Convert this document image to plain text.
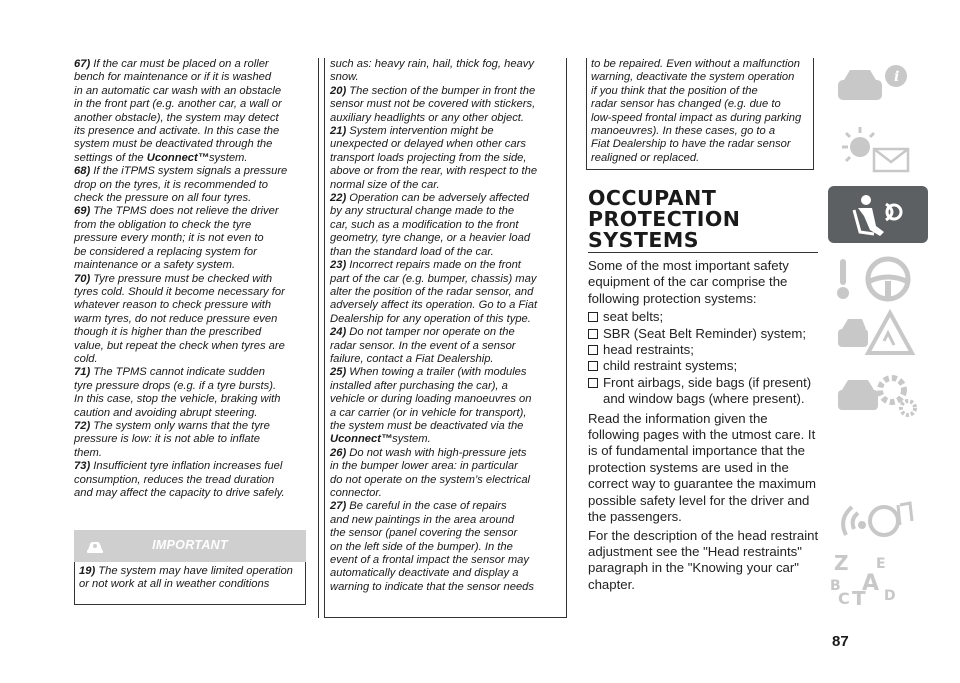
67) If the car must be placed on a roller
bench for maintenance or if it is washed
in an automatic car wash with an obstacle
in the front part (e.g. another car, a wall or
another obstacle), the system may detect
its presence and activate. In this case the
system must be deactivated through the
settings of the Uconnect™system.

68) If the iTPMS system signals a pressure
drop on the tyres, it is recommended to
check the pressure on all four tyres.

69) The TPMS does not relieve the driver
from the obligation to check the tyre
pressure every month; it is not even to
be considered a replacing system for
maintenance or a safety system.

70) Tyre pressure must be checked with
tyres cold. Should it become necessary for
whatever reason to check pressure with
warm tyres, do not reduce pressure even
though it is higher than the prescribed
value, but repeat the check when tyres are
cold.

71) The TPMS cannot indicate sudden
tyre pressure drops (e.g. if a tyre bursts).
In this case, stop the vehicle, braking with
caution and avoiding abrupt steering.

72) The system only warns that the tyre
pressure is low: it is not able to inflate
them.

73) Insufficient tyre inflation increases fuel
consumption, reduces the tread duration
and may affect the capacity to drive safely.

IMPORTANT
19) The system may have limited operation
or not work at all in weather conditions

such as: heavy rain, hail, thick fog, heavy
snow.

20) The section of the bumper in front the
sensor must not be covered with stickers,
auxiliary headlights or any other object.

21) System intervention might be
unexpected or delayed when other cars
transport loads projecting from the side,
above or from the rear, with respect to the
normal size of the car.

22) Operation can be adversely affected
by any structural change made to the
car, such as a modification to the front
geometry, tyre change, or a heavier load
than the standard load of the car.

23) Incorrect repairs made on the front
part of the car (e.g. bumper, chassis) may
alter the position of the radar sensor, and
adversely affect its operation. Go to a Fiat
Dealership for any operation of this type.

24) Do not tamper nor operate on the
radar sensor. In the event of a sensor
failure, contact a Fiat Dealership.

25) When towing a trailer (with modules
installed after purchasing the car), a
vehicle or during loading manoeuvres on
a car carrier (or in vehicle for transport),
the system must be deactivated via the
Uconnect™system.

26) Do not wash with high-pressure jets
in the bumper lower area: in particular
do not operate on the system’s electrical
connector.

27) Be careful in the case of repairs
and new paintings in the area around
the sensor (panel covering the sensor
on the left side of the bumper). In the
event of a frontal impact the sensor may
automatically deactivate and display a
warning to indicate that the sensor needs

to be repaired. Even without a malfunction
warning, deactivate the system operation
if you think that the position of the
radar sensor has changed (e.g. due to
low-speed frontal impact as during parking
manoeuvres). In these cases, go to a
Fiat Dealership to have the radar sensor
realigned or replaced.

OCCUPANT
PROTECTION
SYSTEMS

Some of the most important safety equipment of the car comprise the following protection systems:

seat belts;
SBR (Seat Belt Reminder) system;
head restraints;
child restraint systems;
Front airbags, side bags (if present) and window bags (where present).

Read the information given the following pages with the utmost care. It is of fundamental importance that the protection systems are used in the correct way to guarantee the maximum possible safety level for the driver and the passengers.

For the description of the head restraint adjustment see the "Head restraints" paragraph in the "Knowing your car" chapter.

87
i
Z E
B A
C T D
